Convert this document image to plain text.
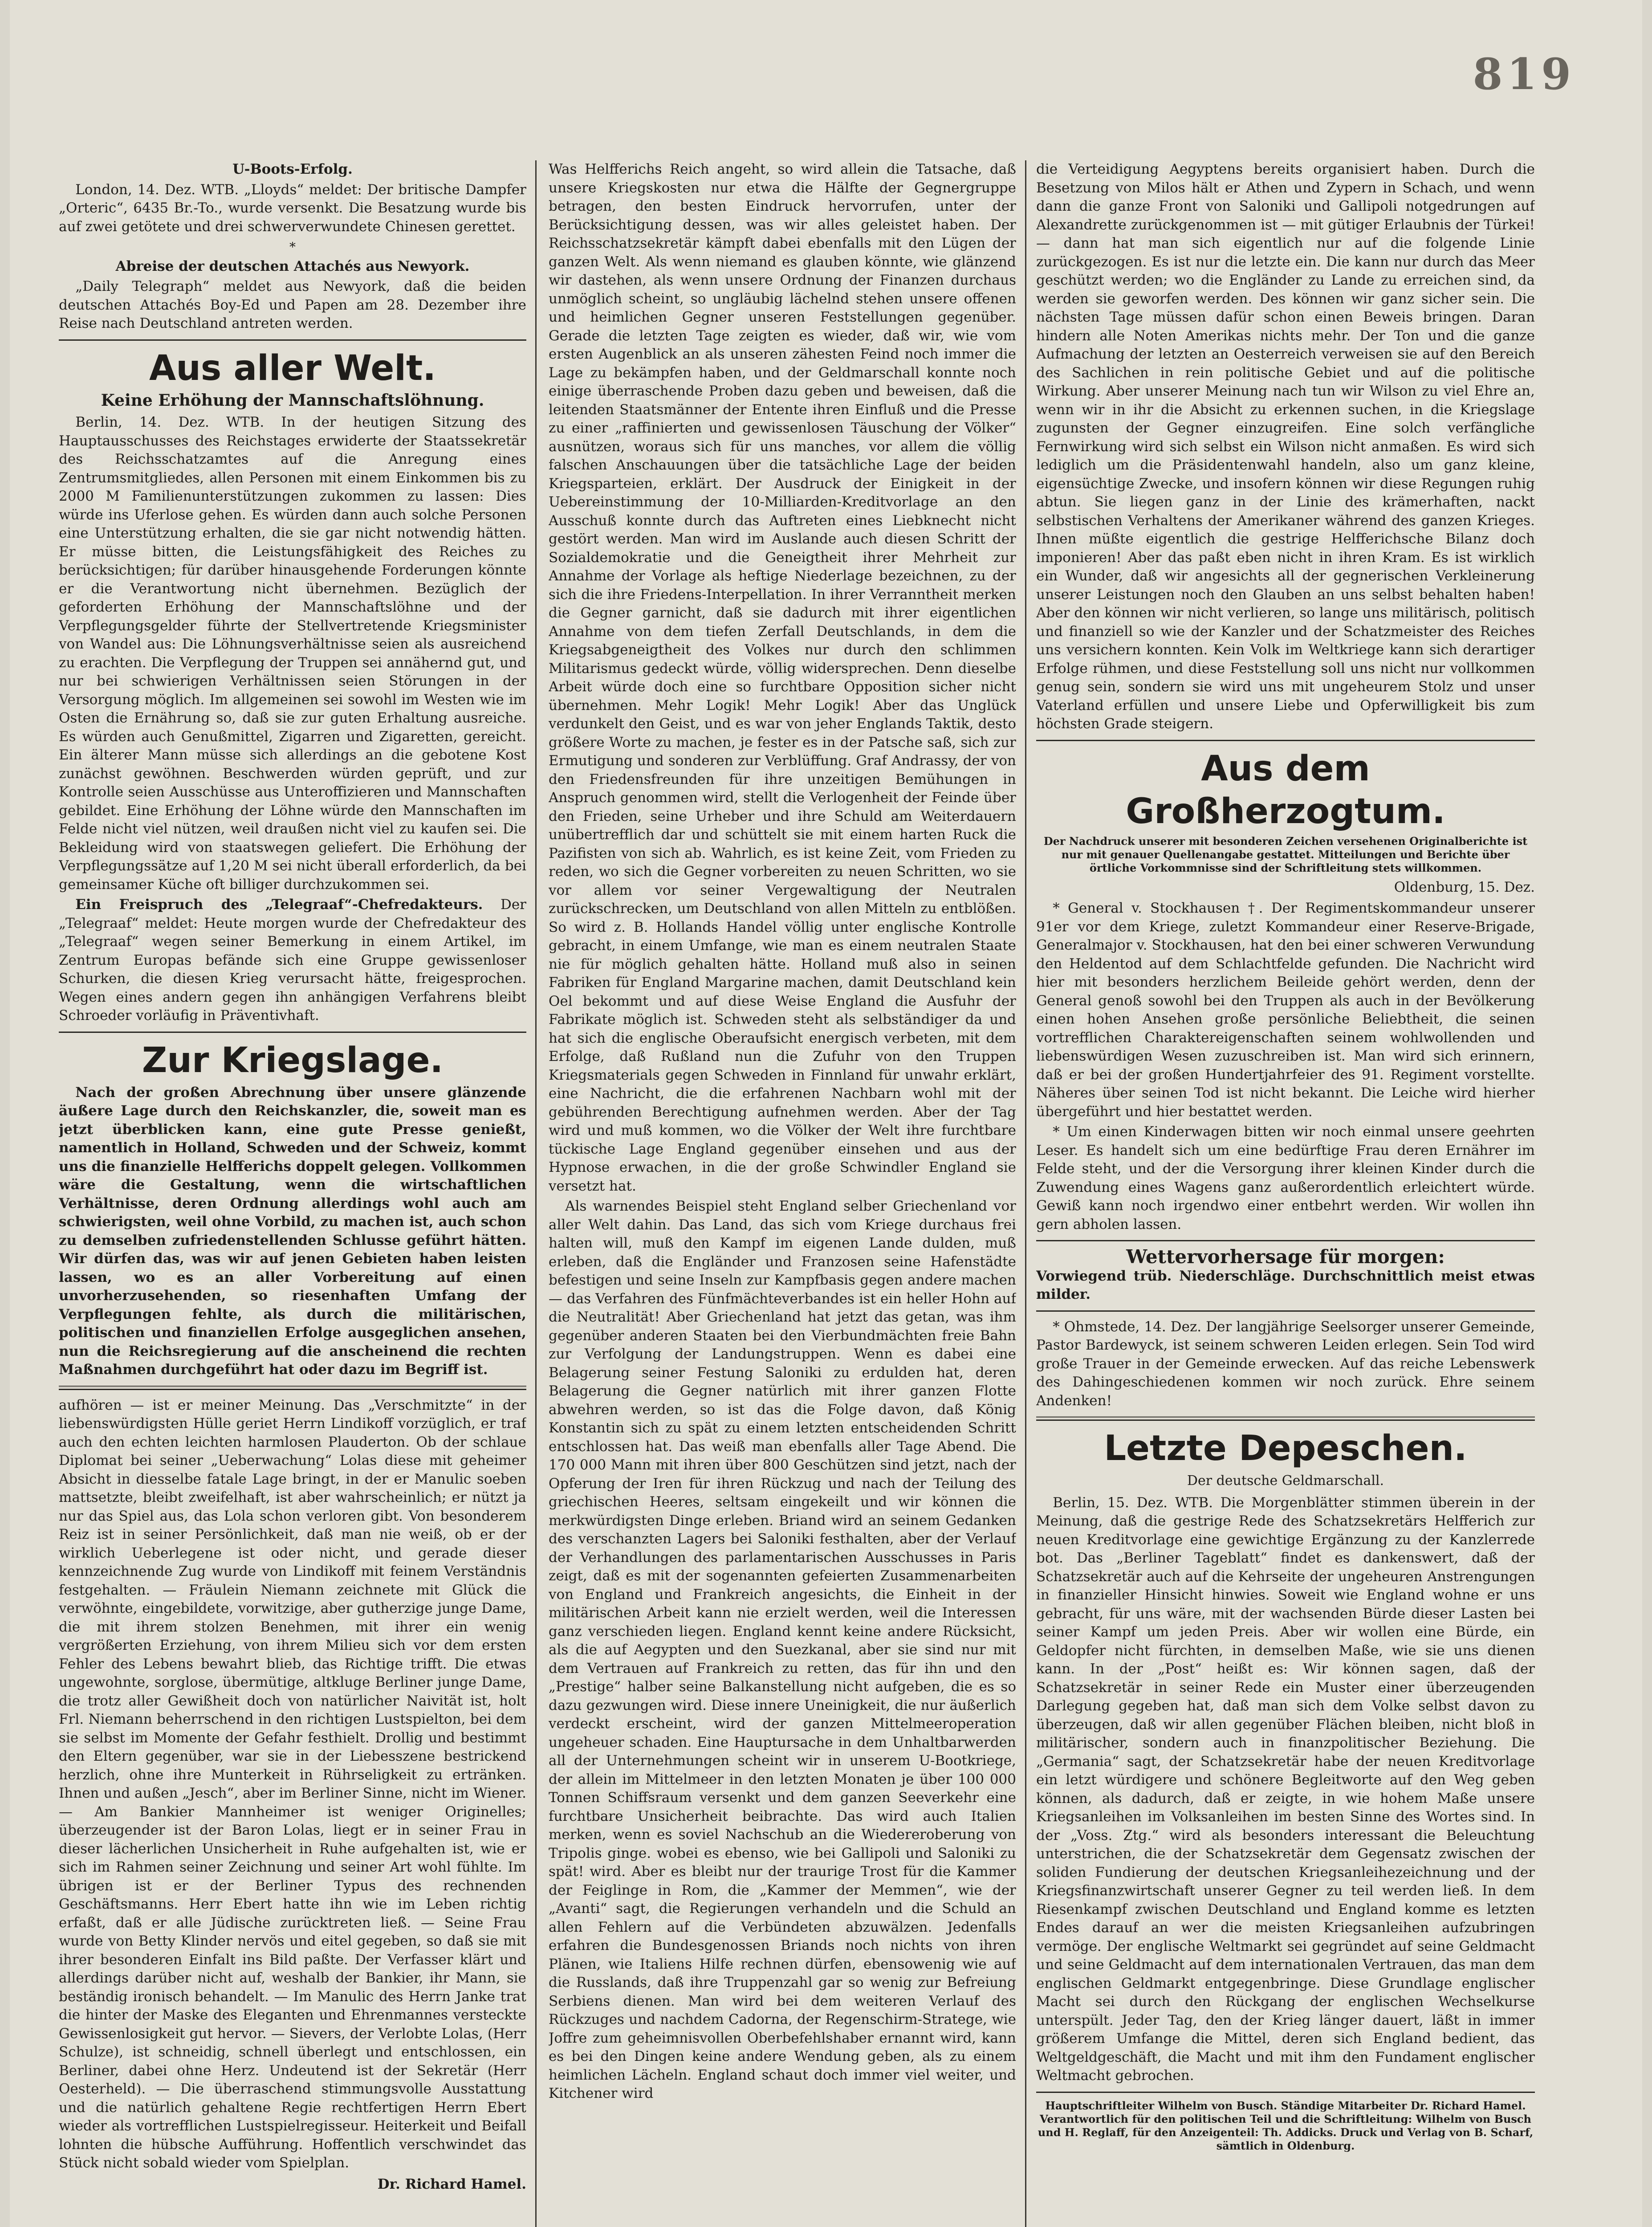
819
U-Boots-Erfolg.

London, 14. Dez. WTB. „Lloyds“ meldet: Der britische Dampfer „Orteric“, 6435 Br.-To., wurde versenkt. Die Besatzung wurde bis auf zwei getötete und drei schwerverwundete Chinesen gerettet.

*
Abreise der deutschen Attachés aus Newyork.

„Daily Telegraph“ meldet aus Newyork, daß die beiden deutschen Attachés Boy-Ed und Papen am 28. Dezember ihre Reise nach Deutschland antreten werden.

Aus aller Welt.
Keine Erhöhung der Mannschaftslöhnung.

Berlin, 14. Dez. WTB. In der heutigen Sitzung des Hauptausschusses des Reichstages erwiderte der Staatssekretär des Reichsschatzamtes auf die Anregung eines Zentrumsmitgliedes, allen Personen mit einem Einkommen bis zu 2000 M Familienunterstützungen zukommen zu lassen: Dies würde ins Uferlose gehen. Es würden dann auch solche Personen eine Unterstützung erhalten, die sie gar nicht notwendig hätten. Er müsse bitten, die Leistungsfähigkeit des Reiches zu berücksichtigen; für darüber hinausgehende Forderungen könnte er die Verantwortung nicht übernehmen. Bezüglich der geforderten Erhöhung der Mannschaftslöhne und der Verpflegungsgelder führte der Stellvertretende Kriegsminister von Wandel aus: Die Löhnungsverhältnisse seien als ausreichend zu erachten. Die Verpflegung der Truppen sei annähernd gut, und nur bei schwierigen Verhältnissen seien Störungen in der Versorgung möglich. Im allgemeinen sei sowohl im Westen wie im Osten die Ernährung so, daß sie zur guten Erhaltung ausreiche. Es würden auch Genußmittel, Zigarren und Zigaretten, gereicht. Ein älterer Mann müsse sich allerdings an die gebotene Kost zunächst gewöhnen. Beschwerden würden geprüft, und zur Kontrolle seien Ausschüsse aus Unteroffizieren und Mannschaften gebildet. Eine Erhöhung der Löhne würde den Mannschaften im Felde nicht viel nützen, weil draußen nicht viel zu kaufen sei. Die Bekleidung wird von staatswegen geliefert. Die Erhöhung der Verpflegungssätze auf 1,20 M sei nicht überall erforderlich, da bei gemeinsamer Küche oft billiger durchzukommen sei.

Ein Freispruch des „Telegraaf“-Chefredakteurs. Der „Telegraaf“ meldet: Heute morgen wurde der Chefredakteur des „Telegraaf“ wegen seiner Bemerkung in einem Artikel, im Zentrum Europas befände sich eine Gruppe gewissenloser Schurken, die diesen Krieg verursacht hätte, freigesprochen. Wegen eines andern gegen ihn anhängigen Verfahrens bleibt Schroeder vorläufig in Präventivhaft.

Zur Kriegslage.

Nach der großen Abrechnung über unsere glänzende äußere Lage durch den Reichskanzler, die, soweit man es jetzt überblicken kann, eine gute Presse genießt, namentlich in Holland, Schweden und der Schweiz, kommt uns die finanzielle Helfferichs doppelt gelegen. Vollkommen wäre die Gestaltung, wenn die wirtschaftlichen Verhältnisse, deren Ordnung allerdings wohl auch am schwierigsten, weil ohne Vorbild, zu machen ist, auch schon zu demselben zufriedenstellenden Schlusse geführt hätten. Wir dürfen das, was wir auf jenen Gebieten haben leisten lassen, wo es an aller Vorbereitung auf einen unvorherzusehenden, so riesenhaften Umfang der Verpflegungen fehlte, als durch die militärischen, politischen und finanziellen Erfolge ausgeglichen ansehen, nun die Reichsregierung auf die anscheinend die rechten Maßnahmen durchgeführt hat oder dazu im Begriff ist.

aufhören — ist er meiner Meinung. Das „Verschmitzte“ in der liebenswürdigsten Hülle geriet Herrn Lindikoff vorzüglich, er traf auch den echten leichten harmlosen Plauderton. Ob der schlaue Diplomat bei seiner „Ueberwachung“ Lolas diese mit geheimer Absicht in diesselbe fatale Lage bringt, in der er Manulic soeben mattsetzte, bleibt zweifelhaft, ist aber wahrscheinlich; er nützt ja nur das Spiel aus, das Lola schon verloren gibt. Von besonderem Reiz ist in seiner Persönlichkeit, daß man nie weiß, ob er der wirklich Ueberlegene ist oder nicht, und gerade dieser kennzeichnende Zug wurde von Lindikoff mit feinem Verständnis festgehalten. — Fräulein Niemann zeichnete mit Glück die verwöhnte, eingebildete, vorwitzige, aber gutherzige junge Dame, die mit ihrem stolzen Benehmen, mit ihrer ein wenig vergrößerten Erziehung, von ihrem Milieu sich vor dem ersten Fehler des Lebens bewahrt blieb, das Richtige trifft. Die etwas ungewohnte, sorglose, übermütige, altkluge Berliner junge Dame, die trotz aller Gewißheit doch von natürlicher Naivität ist, holt Frl. Niemann beherrschend in den richtigen Lustspielton, bei dem sie selbst im Momente der Gefahr festhielt. Drollig und bestimmt den Eltern gegenüber, war sie in der Liebesszene bestrickend herzlich, ohne ihre Munterkeit in Rührseligkeit zu ertränken. Ihnen und außen „Jesch“, aber im Berliner Sinne, nicht im Wiener. — Am Bankier Mannheimer ist weniger Originelles; überzeugender ist der Baron Lolas, liegt er in seiner Frau in dieser lächerlichen Unsicherheit in Ruhe aufgehalten ist, wie er sich im Rahmen seiner Zeichnung und seiner Art wohl fühlte. Im übrigen ist er der Berliner Typus des rechnenden Geschäftsmanns. Herr Ebert hatte ihn wie im Leben richtig erfaßt, daß er alle Jüdische zurücktreten ließ. — Seine Frau wurde von Betty Klinder nervös und eitel gegeben, so daß sie mit ihrer besonderen Einfalt ins Bild paßte. Der Verfasser klärt und allerdings darüber nicht auf, weshalb der Bankier, ihr Mann, sie beständig ironisch behandelt. — Im Manulic des Herrn Janke trat die hinter der Maske des Eleganten und Ehrenmannes versteckte Gewissenlosigkeit gut hervor. — Sievers, der Verlobte Lolas, (Herr Schulze), ist schneidig, schnell überlegt und entschlossen, ein Berliner, dabei ohne Herz. Undeutend ist der Sekretär (Herr Oesterheld). — Die überraschend stimmungsvolle Ausstattung und die natürlich gehaltene Regie rechtfertigen Herrn Ebert wieder als vortrefflichen Lustspielregisseur. Heiterkeit und Beifall lohnten die hübsche Aufführung. Hoffentlich verschwindet das Stück nicht sobald wieder vom Spielplan.

Dr. Richard Hamel.

Was Helfferichs Reich angeht, so wird allein die Tatsache, daß unsere Kriegskosten nur etwa die Hälfte der Gegnergruppe betragen, den besten Eindruck hervorrufen, unter der Berücksichtigung dessen, was wir alles geleistet haben. Der Reichsschatzsekretär kämpft dabei ebenfalls mit den Lügen der ganzen Welt. Als wenn niemand es glauben könnte, wie glänzend wir dastehen, als wenn unsere Ordnung der Finanzen durchaus unmöglich scheint, so ungläubig lächelnd stehen unsere offenen und heimlichen Gegner unseren Feststellungen gegenüber. Gerade die letzten Tage zeigten es wieder, daß wir, wie vom ersten Augenblick an als unseren zähesten Feind noch immer die Lage zu bekämpfen haben, und der Geldmarschall konnte noch einige überraschende Proben dazu geben und beweisen, daß die leitenden Staatsmänner der Entente ihren Einfluß und die Presse zu einer „raffinierten und gewissenlosen Täuschung der Völker“ ausnützen, woraus sich für uns manches, vor allem die völlig falschen Anschauungen über die tatsächliche Lage der beiden Kriegsparteien, erklärt. Der Ausdruck der Einigkeit in der Uebereinstimmung der 10-Milliarden-Kreditvorlage an den Ausschuß konnte durch das Auftreten eines Liebknecht nicht gestört werden. Man wird im Auslande auch diesen Schritt der Sozialdemokratie und die Geneigtheit ihrer Mehrheit zur Annahme der Vorlage als heftige Niederlage bezeichnen, zu der sich die ihre Friedens-Interpellation. In ihrer Verranntheit merken die Gegner garnicht, daß sie dadurch mit ihrer eigentlichen Annahme von dem tiefen Zerfall Deutschlands, in dem die Kriegsabgeneigtheit des Volkes nur durch den schlimmen Militarismus gedeckt würde, völlig widersprechen. Denn dieselbe Arbeit würde doch eine so furchtbare Opposition sicher nicht übernehmen. Mehr Logik! Mehr Logik! Aber das Unglück verdunkelt den Geist, und es war von jeher Englands Taktik, desto größere Worte zu machen, je fester es in der Patsche saß, sich zur Ermutigung und sonderen zur Verblüffung. Graf Andrassy, der von den Friedensfreunden für ihre unzeitigen Bemühungen in Anspruch genommen wird, stellt die Verlogenheit der Feinde über den Frieden, seine Urheber und ihre Schuld am Weiterdauern unübertrefflich dar und schüttelt sie mit einem harten Ruck die Pazifisten von sich ab. Wahrlich, es ist keine Zeit, vom Frieden zu reden, wo sich die Gegner vorbereiten zu neuen Schritten, wo sie vor allem vor seiner Vergewaltigung der Neutralen zurückschrecken, um Deutschland von allen Mitteln zu entblößen. So wird z. B. Hollands Handel völlig unter englische Kontrolle gebracht, in einem Umfange, wie man es einem neutralen Staate nie für möglich gehalten hätte. Holland muß also in seinen Fabriken für England Margarine machen, damit Deutschland kein Oel bekommt und auf diese Weise England die Ausfuhr der Fabrikate möglich ist. Schweden steht als selbständiger da und hat sich die englische Oberaufsicht energisch verbeten, mit dem Erfolge, daß Rußland nun die Zufuhr von den Truppen Kriegsmaterials gegen Schweden in Finnland für unwahr erklärt, eine Nachricht, die die erfahrenen Nachbarn wohl mit der gebührenden Berechtigung aufnehmen werden. Aber der Tag wird und muß kommen, wo die Völker der Welt ihre furchtbare tückische Lage England gegenüber einsehen und aus der Hypnose erwachen, in die der große Schwindler England sie versetzt hat.

Als warnendes Beispiel steht England selber Griechenland vor aller Welt dahin. Das Land, das sich vom Kriege durchaus frei halten will, muß den Kampf im eigenen Lande dulden, muß erleben, daß die Engländer und Franzosen seine Hafenstädte befestigen und seine Inseln zur Kampfbasis gegen andere machen — das Verfahren des Fünfmächteverbandes ist ein heller Hohn auf die Neutralität! Aber Griechenland hat jetzt das getan, was ihm gegenüber anderen Staaten bei den Vierbundmächten freie Bahn zur Verfolgung der Landungstruppen. Wenn es dabei eine Belagerung seiner Festung Saloniki zu erdulden hat, deren Belagerung die Gegner natürlich mit ihrer ganzen Flotte abwehren werden, so ist das die Folge davon, daß König Konstantin sich zu spät zu einem letzten entscheidenden Schritt entschlossen hat. Das weiß man ebenfalls aller Tage Abend. Die 170 000 Mann mit ihren über 800 Geschützen sind jetzt, nach der Opferung der Iren für ihren Rückzug und nach der Teilung des griechischen Heeres, seltsam eingekeilt und wir können die merkwürdigsten Dinge erleben. Briand wird an seinem Gedanken des verschanzten Lagers bei Saloniki festhalten, aber der Verlauf der Verhandlungen des parlamentarischen Ausschusses in Paris zeigt, daß es mit der sogenannten gefeierten Zusammenarbeiten von England und Frankreich angesichts, die Einheit in der militärischen Arbeit kann nie erzielt werden, weil die Interessen ganz verschieden liegen. England kennt keine andere Rücksicht, als die auf Aegypten und den Suezkanal, aber sie sind nur mit dem Vertrauen auf Frankreich zu retten, das für ihn und den „Prestige“ halber seine Balkanstellung nicht aufgeben, die es so dazu gezwungen wird. Diese innere Uneinigkeit, die nur äußerlich verdeckt erscheint, wird der ganzen Mittelmeeroperation ungeheuer schaden. Eine Hauptursache in dem Unhaltbarwerden all der Unternehmungen scheint wir in unserem U-Bootkriege, der allein im Mittelmeer in den letzten Monaten je über 100 000 Tonnen Schiffsraum versenkt und dem ganzen Seeverkehr eine furchtbare Unsicherheit beibrachte. Das wird auch Italien merken, wenn es soviel Nachschub an die Wiedereroberung von Tripolis ginge. wobei es ebenso, wie bei Gallipoli und Saloniki zu spät! wird. Aber es bleibt nur der traurige Trost für die Kammer der Feiglinge in Rom, die „Kammer der Memmen“, wie der „Avanti“ sagt, die Regierungen verhandeln und die Schuld an allen Fehlern auf die Verbündeten abzuwälzen. Jedenfalls erfahren die Bundesgenossen Briands noch nichts von ihren Plänen, wie Italiens Hilfe rechnen dürfen, ebensowenig wie auf die Russlands, daß ihre Truppenzahl gar so wenig zur Befreiung Serbiens dienen. Man wird bei dem weiteren Verlauf des Rückzuges und nachdem Cadorna, der Regenschirm-Stratege, wie Joffre zum geheimnisvollen Oberbefehlshaber ernannt wird, kann es bei den Dingen keine andere Wendung geben, als zu einem heimlichen Lächeln. England schaut doch immer viel weiter, und Kitchener wird

die Verteidigung Aegyptens bereits organisiert haben. Durch die Besetzung von Milos hält er Athen und Zypern in Schach, und wenn dann die ganze Front von Saloniki und Gallipoli notgedrungen auf Alexandrette zurückgenommen ist — mit gütiger Erlaubnis der Türkei! — dann hat man sich eigentlich nur auf die folgende Linie zurückgezogen. Es ist nur die letzte ein. Die kann nur durch das Meer geschützt werden; wo die Engländer zu Lande zu erreichen sind, da werden sie geworfen werden. Des können wir ganz sicher sein. Die nächsten Tage müssen dafür schon einen Beweis bringen. Daran hindern alle Noten Amerikas nichts mehr. Der Ton und die ganze Aufmachung der letzten an Oesterreich verweisen sie auf den Bereich des Sachlichen in rein politische Gebiet und auf die politische Wirkung. Aber unserer Meinung nach tun wir Wilson zu viel Ehre an, wenn wir in ihr die Absicht zu erkennen suchen, in die Kriegslage zugunsten der Gegner einzugreifen. Eine solch verfängliche Fernwirkung wird sich selbst ein Wilson nicht anmaßen. Es wird sich lediglich um die Präsidentenwahl handeln, also um ganz kleine, eigensüchtige Zwecke, und insofern können wir diese Regungen ruhig abtun. Sie liegen ganz in der Linie des krämerhaften, nackt selbstischen Verhaltens der Amerikaner während des ganzen Krieges. Ihnen müßte eigentlich die gestrige Helfferichsche Bilanz doch imponieren! Aber das paßt eben nicht in ihren Kram. Es ist wirklich ein Wunder, daß wir angesichts all der gegnerischen Verkleinerung unserer Leistungen noch den Glauben an uns selbst behalten haben! Aber den können wir nicht verlieren, so lange uns militärisch, politisch und finanziell so wie der Kanzler und der Schatzmeister des Reiches uns versichern konnten. Kein Volk im Weltkriege kann sich derartiger Erfolge rühmen, und diese Feststellung soll uns nicht nur vollkommen genug sein, sondern sie wird uns mit ungeheurem Stolz und unser Vaterland erfüllen und unsere Liebe und Opferwilligkeit bis zum höchsten Grade steigern.

Aus dem Großherzogtum.
Der Nachdruck unserer mit besonderen Zeichen versehenen Originalberichte ist nur mit genauer Quellenangabe gestattet. Mitteilungen und Berichte über örtliche Vorkommnisse sind der Schriftleitung stets willkommen.
Oldenburg, 15. Dez.

* General v. Stockhausen †. Der Regimentskommandeur unserer 91er vor dem Kriege, zuletzt Kommandeur einer Reserve-Brigade, Generalmajor v. Stockhausen, hat den bei einer schweren Verwundung den Heldentod auf dem Schlachtfelde gefunden. Die Nachricht wird hier mit besonders herzlichem Beileide gehört werden, denn der General genoß sowohl bei den Truppen als auch in der Bevölkerung einen hohen Ansehen große persönliche Beliebtheit, die seinen vortrefflichen Charaktereigenschaften seinem wohlwollenden und liebenswürdigen Wesen zuzuschreiben ist. Man wird sich erinnern, daß er bei der großen Hundertjahrfeier des 91. Regiment vorstellte. Näheres über seinen Tod ist nicht bekannt. Die Leiche wird hierher übergeführt und hier bestattet werden.

* Um einen Kinderwagen bitten wir noch einmal unsere geehrten Leser. Es handelt sich um eine bedürftige Frau deren Ernährer im Felde steht, und der die Versorgung ihrer kleinen Kinder durch die Zuwendung eines Wagens ganz außerordentlich erleichtert würde. Gewiß kann noch irgendwo einer entbehrt werden. Wir wollen ihn gern abholen lassen.

Wettervorhersage für morgen:

Vorwiegend trüb. Niederschläge. Durchschnittlich meist etwas milder.

* Ohmstede, 14. Dez. Der langjährige Seelsorger unserer Gemeinde, Pastor Bardewyck, ist seinem schweren Leiden erlegen. Sein Tod wird große Trauer in der Gemeinde erwecken. Auf das reiche Lebenswerk des Dahingeschiedenen kommen wir noch zurück. Ehre seinem Andenken!

Letzte Depeschen.
Der deutsche Geldmarschall.

Berlin, 15. Dez. WTB. Die Morgenblätter stimmen überein in der Meinung, daß die gestrige Rede des Schatzsekretärs Helfferich zur neuen Kreditvorlage eine gewichtige Ergänzung zu der Kanzlerrede bot. Das „Berliner Tageblatt“ findet es dankenswert, daß der Schatzsekretär auch auf die Kehrseite der ungeheuren Anstrengungen in finanzieller Hinsicht hinwies. Soweit wie England wohne er uns gebracht, für uns wäre, mit der wachsenden Bürde dieser Lasten bei seiner Kampf um jeden Preis. Aber wir wollen eine Bürde, ein Geldopfer nicht fürchten, in demselben Maße, wie sie uns dienen kann. In der „Post“ heißt es: Wir können sagen, daß der Schatzsekretär in seiner Rede ein Muster einer überzeugenden Darlegung gegeben hat, daß man sich dem Volke selbst davon zu überzeugen, daß wir allen gegenüber Flächen bleiben, nicht bloß in militärischer, sondern auch in finanzpolitischer Beziehung. Die „Germania“ sagt, der Schatzsekretär habe der neuen Kreditvorlage ein letzt würdigere und schönere Begleitworte auf den Weg geben können, als dadurch, daß er zeigte, in wie hohem Maße unsere Kriegsanleihen im Volksanleihen im besten Sinne des Wortes sind. In der „Voss. Ztg.“ wird als besonders interessant die Beleuchtung unterstrichen, die der Schatzsekretär dem Gegensatz zwischen der soliden Fundierung der deutschen Kriegsanleihezeichnung und der Kriegsfinanzwirtschaft unserer Gegner zu teil werden ließ. In dem Riesenkampf zwischen Deutschland und England komme es letzten Endes darauf an wer die meisten Kriegsanleihen aufzubringen vermöge. Der englische Weltmarkt sei gegründet auf seine Geldmacht und seine Geldmacht auf dem internationalen Vertrauen, das man dem englischen Geldmarkt entgegenbringe. Diese Grundlage englischer Macht sei durch den Rückgang der englischen Wechselkurse unterspült. Jeder Tag, den der Krieg länger dauert, läßt in immer größerem Umfange die Mittel, deren sich England bedient, das Weltgeldgeschäft, die Macht und mit ihm den Fundament englischer Weltmacht gebrochen.

Hauptschriftleiter Wilhelm von Busch. Ständige Mitarbeiter Dr. Richard Hamel. Verantwortlich für den politischen Teil und die Schriftleitung: Wilhelm von Busch und H. Reglaff, für den Anzeigenteil: Th. Addicks. Druck und Verlag von B. Scharf, sämtlich in Oldenburg.
